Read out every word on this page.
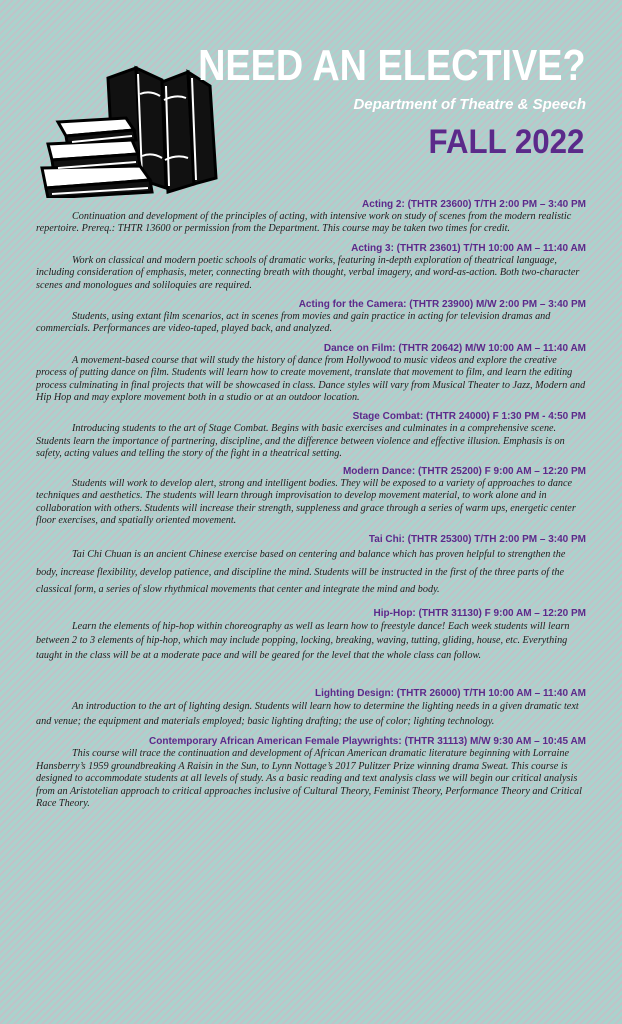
NEED AN ELECTIVE?
Department of Theatre & Speech
FALL 2022
Acting 2: (THTR 23600) T/TH 2:00 PM – 3:40 PM

Continuation and development of the principles of acting, with intensive work on study of scenes from the modern realistic repertoire. Prereq.: THTR 13600 or permission from the Department. This course may be taken two times for credit.

Acting 3: (THTR 23601) T/TH 10:00 AM – 11:40 AM

Work on classical and modern poetic schools of dramatic works, featuring in-depth exploration of theatrical language, including consideration of emphasis, meter, connecting breath with thought, verbal imagery, and word-as-action. Both two-character scenes and monologues and soliloquies are required.

Acting for the Camera: (THTR 23900) M/W 2:00 PM – 3:40 PM

Students, using extant film scenarios, act in scenes from movies and gain practice in acting for television dramas and commercials. Performances are video-taped, played back, and analyzed.

Dance on Film: (THTR 20642) M/W 10:00 AM – 11:40 AM

A movement-based course that will study the history of dance from Hollywood to music videos and explore the creative process of putting dance on film. Students will learn how to create movement, translate that movement to film, and learn the editing process culminating in final projects that will be showcased in class. Dance styles will vary from Musical Theater to Jazz, Modern and Hip Hop and may explore movement both in a studio or at an outdoor location.

Stage Combat: (THTR 24000) F 1:30 PM - 4:50 PM

Introducing students to the art of Stage Combat. Begins with basic exercises and culminates in a comprehensive scene. Students learn the importance of partnering, discipline, and the difference between violence and effective illusion. Emphasis is on safety, acting values and telling the story of the fight in a theatrical setting.

Modern Dance: (THTR 25200) F 9:00 AM – 12:20 PM

Students will work to develop alert, strong and intelligent bodies. They will be exposed to a variety of approaches to dance techniques and aesthetics. The students will learn through improvisation to develop movement material, to work alone and in collaboration with others. Students will increase their strength, suppleness and grace through a series of warm ups, energetic center floor exercises, and spatially oriented movement.

Tai Chi: (THTR 25300) T/TH 2:00 PM – 3:40 PM

Tai Chi Chuan is an ancient Chinese exercise based on centering and balance which has proven helpful to strengthen the body, increase flexibility, develop patience, and discipline the mind. Students will be instructed in the first of the three parts of the classical form, a series of slow rhythmical movements that center and integrate the mind and body.

Hip-Hop: (THTR 31130) F 9:00 AM – 12:20 PM

Learn the elements of hip-hop within choreography as well as learn how to freestyle dance! Each week students will learn between 2 to 3 elements of hip-hop, which may include popping, locking, breaking, waving, tutting, gliding, house, etc. Everything taught in the class will be at a moderate pace and will be geared for the level that the whole class can follow.

Lighting Design: (THTR 26000) T/TH 10:00 AM – 11:40 AM

An introduction to the art of lighting design. Students will learn how to determine the lighting needs in a given dramatic text and venue; the equipment and materials employed; basic lighting drafting; the use of color; lighting technology.

Contemporary African American Female Playwrights: (THTR 31113) M/W 9:30 AM – 10:45 AM

This course will trace the continuation and development of African American dramatic literature beginning with Lorraine Hansberry’s 1959 groundbreaking A Raisin in the Sun, to Lynn Nottage’s 2017 Pulitzer Prize winning drama Sweat. This course is designed to accommodate students at all levels of study. As a basic reading and text analysis class we will begin our critical analysis from an Aristotelian approach to critical approaches inclusive of Cultural Theory, Feminist Theory, Performance Theory and Critical Race Theory.
